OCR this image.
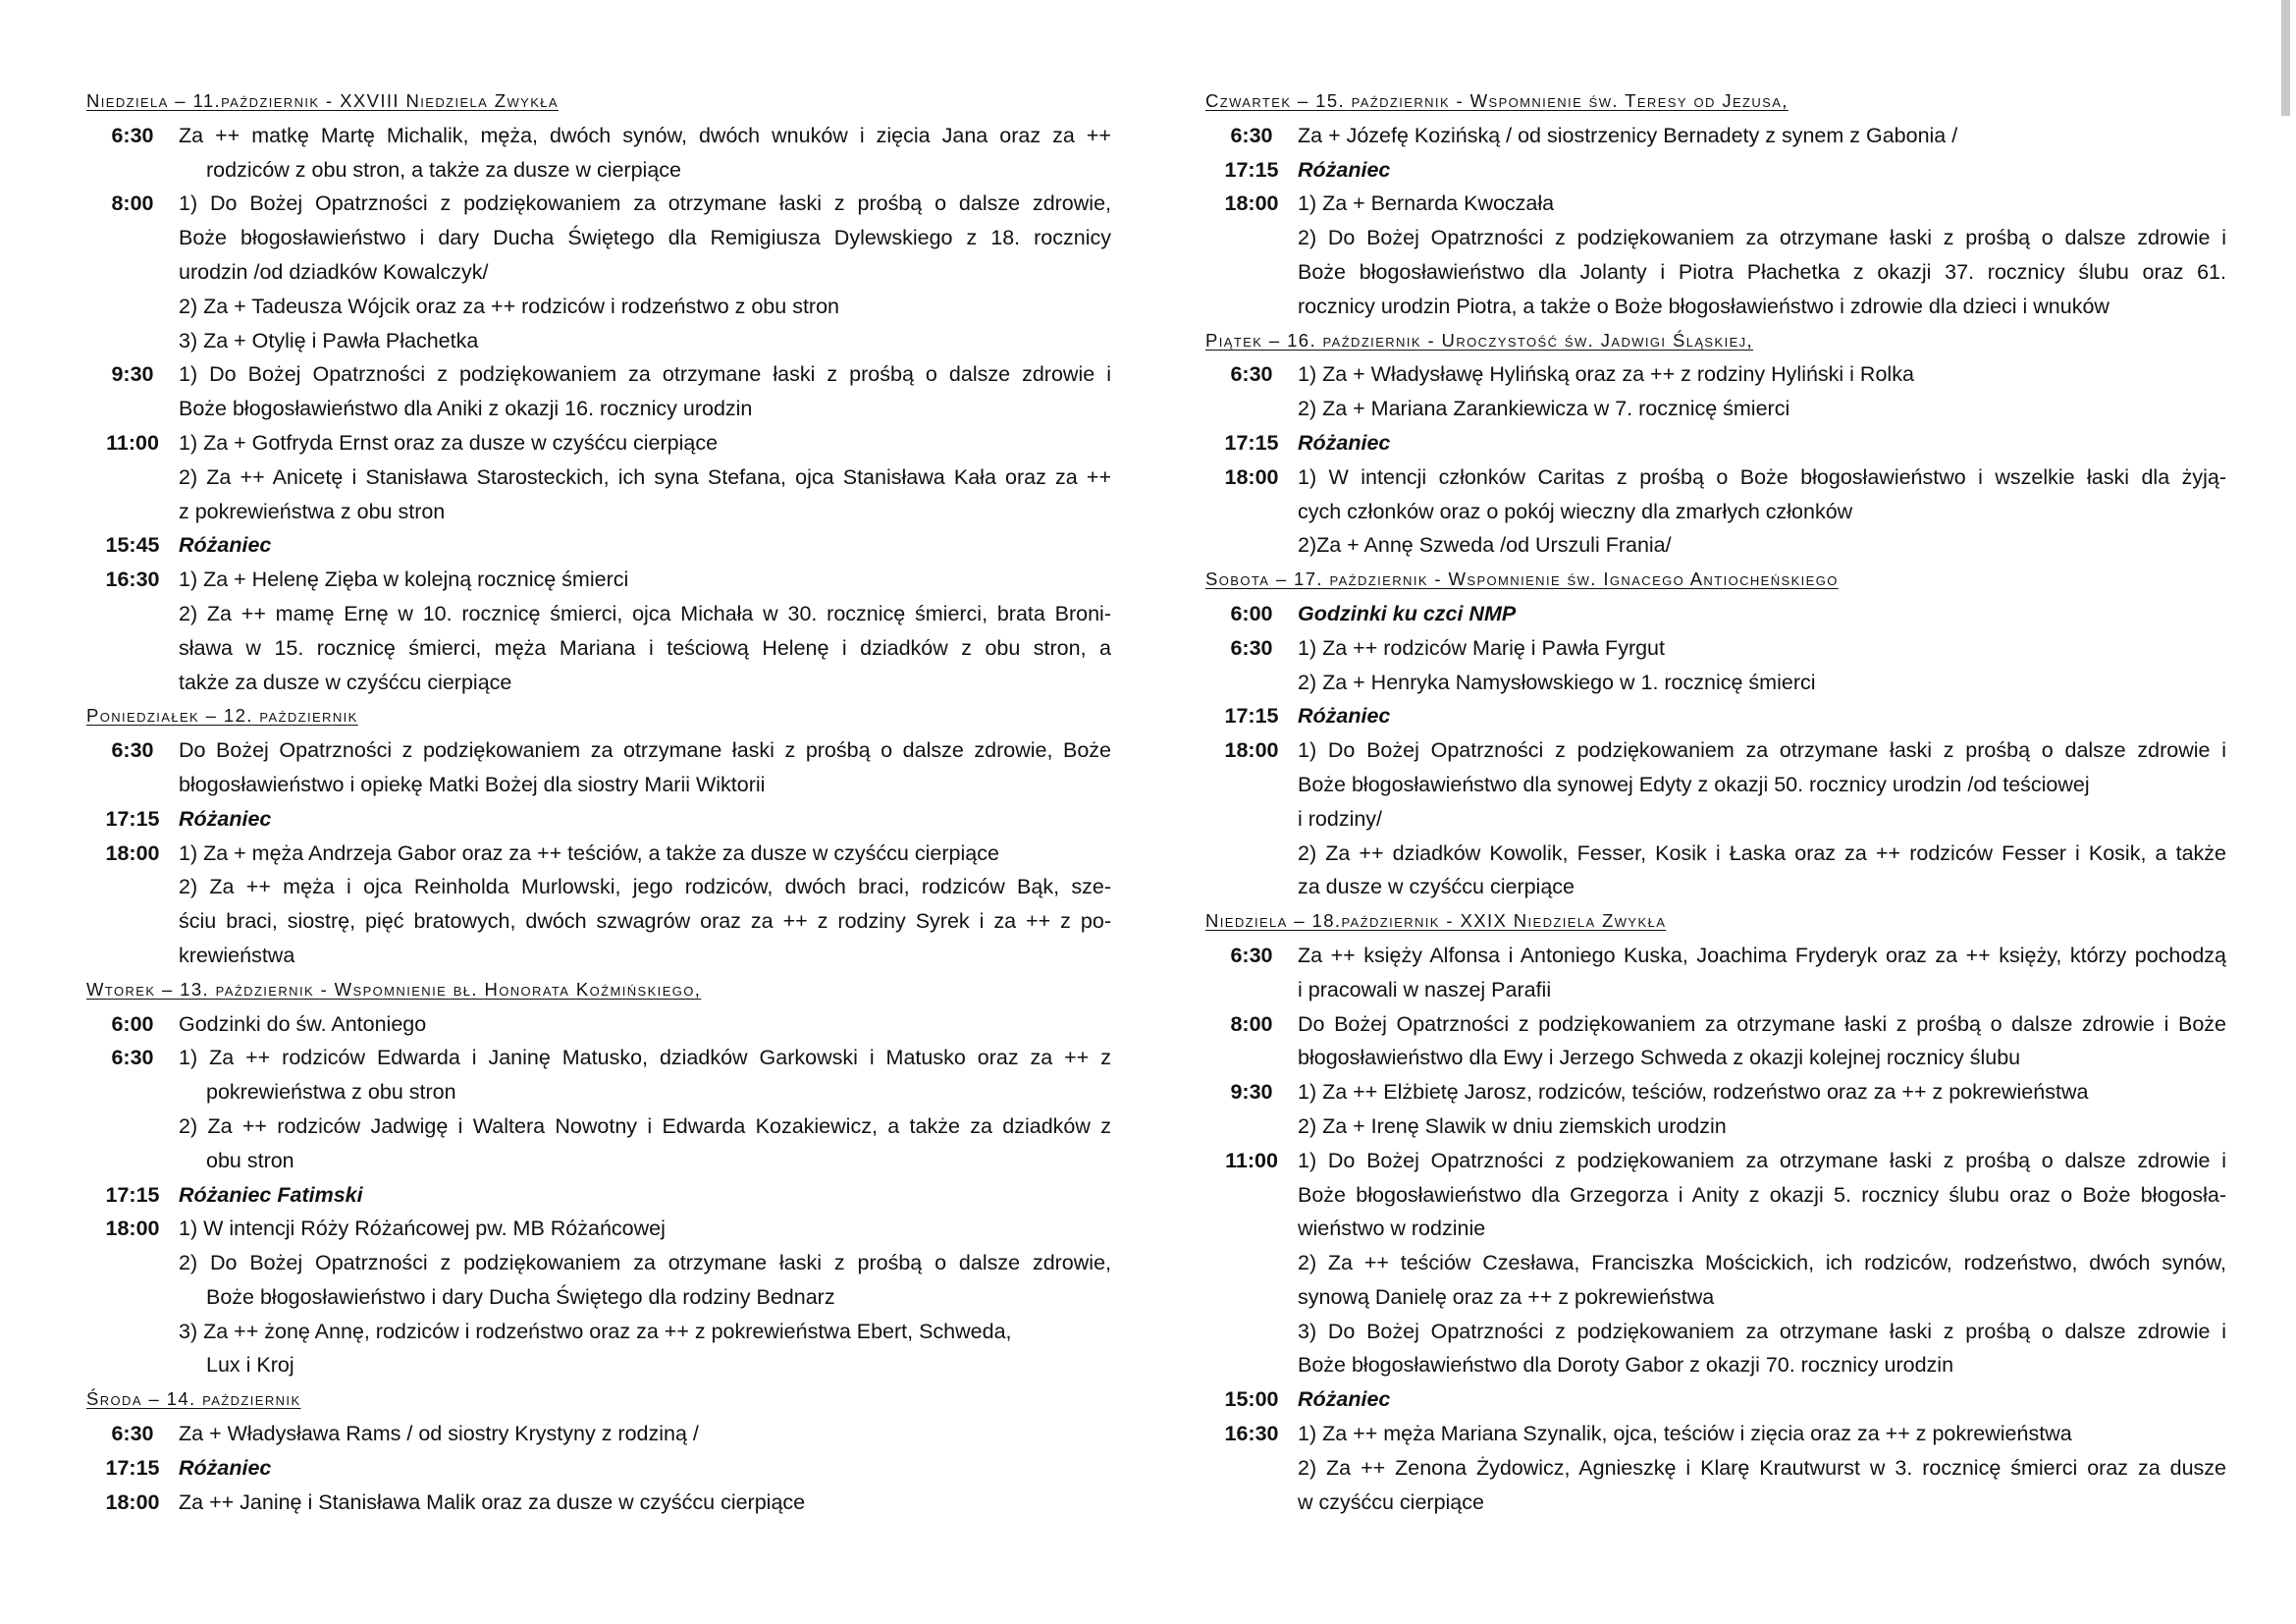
Niedziela – 11.październik - XXVIII Niedziela Zwykła
6:30	Za ++ matkę Martę Michalik, męża, dwóch synów, dwóch wnuków i zięcia Jana oraz za ++
rodziców z obu stron, a także za dusze w cierpiące
8:00	1) Do Bożej Opatrzności z podziękowaniem za otrzymane łaski z prośbą o dalsze zdrowie,
Boże błogosławieństwo i dary Ducha Świętego dla Remigiusza Dylewskiego z 18. rocznicy
urodzin /od dziadków Kowalczyk/
2) Za + Tadeusza Wójcik oraz za ++ rodziców i rodzeństwo z obu stron
3) Za + Otylię i Pawła Płachetka
9:30	1) Do Bożej Opatrzności z podziękowaniem za otrzymane łaski z prośbą o dalsze zdrowie i
Boże błogosławieństwo dla Aniki z okazji 16. rocznicy urodzin
11:00 1) Za + Gotfryda Ernst oraz za dusze w czyśćcu cierpiące
2) Za ++ Anicetę i Stanisława Starosteckich, ich syna Stefana, ojca Stanisława Kała oraz za ++
z pokrewieństwa z obu stron
15:45 Różaniec
16:30 1) Za + Helenę Zięba w kolejną rocznicę śmierci
2) Za ++ mamę Ernę w 10. rocznicę śmierci, ojca Michała w 30. rocznicę śmierci, brata Broni-
sława w 15. rocznicę śmierci, męża Mariana i teściową Helenę i dziadków z obu stron, a
także za dusze w czyśćcu cierpiące
Poniedziałek – 12. październik
6:30	Do Bożej Opatrzności z podziękowaniem za otrzymane łaski z prośbą o dalsze zdrowie, Boże
błogosławieństwo i opiekę Matki Bożej dla siostry Marii Wiktorii
17:15 Różaniec
18:00 1) Za + męża Andrzeja Gabor oraz za ++ teściów, a także za dusze w czyśćcu cierpiące
2) Za ++ męża i ojca Reinholda Murlowski, jego rodziców, dwóch braci, rodziców Bąk, sze-
ściu braci, siostrę, pięć bratowych, dwóch szwagrów oraz za ++ z rodziny Syrek i za ++ z po-
krewieństwa
Wtorek – 13. październik - Wspomnienie bł. Honorata Koźmińskiego,
6:00	Godzinki do św. Antoniego
6:30	1) Za ++ rodziców Edwarda i Janinę Matusko, dziadków Garkowski i Matusko oraz za ++ z
pokrewieństwa z obu stron
2) Za ++ rodziców Jadwigę i Waltera Nowotny i Edwarda Kozakiewicz, a także za dziadków z
obu stron
17:15 Różaniec Fatimski
18:00 1) W intencji Róży Różańcowej pw. MB Różańcowej
2) Do Bożej Opatrzności z podziękowaniem za otrzymane łaski z prośbą o dalsze zdrowie,
Boże błogosławieństwo i dary Ducha Świętego dla rodziny Bednarz
3) Za ++ żonę Annę, rodziców i rodzeństwo oraz za ++ z pokrewieństwa Ebert, Schweda,
Lux i Kroj
Środa – 14. październik
6:30	Za + Władysława Rams / od siostry Krystyny z rodziną /
17:15 Różaniec
18:00 Za ++ Janinę i Stanisława Malik oraz za dusze w czyśćcu cierpiące
Czwartek – 15. październik - Wspomnienie św. Teresy od Jezusa,
6:30	Za + Józefę Kozińską / od siostrzenicy Bernadety z synem z Gabonia /
17:15 Różaniec
18:00 1) Za + Bernarda Kwoczała
2) Do Bożej Opatrzności z podziękowaniem za otrzymane łaski z prośbą o dalsze zdrowie i
Boże błogosławieństwo dla Jolanty i Piotra Płachetka z okazji 37. rocznicy ślubu oraz 61.
rocznicy urodzin Piotra, a także o Boże błogosławieństwo i zdrowie dla dzieci i wnuków
Piątek – 16. październik - Uroczystość św. Jadwigi Śląskiej,
6:30	1) Za + Władysławę Hylińską oraz za ++ z rodziny Hyliński i Rolka
2) Za + Mariana Zarankiewicza w 7. rocznicę śmierci
17:15 Różaniec
18:00 1) W intencji członków Caritas z prośbą o Boże błogosławieństwo i wszelkie łaski dla żyją-
cych członków oraz o pokój wieczny dla zmarłych członków
2)Za + Annę Szweda /od Urszuli Frania/
Sobota – 17. październik - Wspomnienie św. Ignacego Antiocheńskiego
6:00	Godzinki ku czci NMP
6:30	1) Za ++ rodziców Marię i Pawła Fyrgut
2) Za + Henryka Namysłowskiego w 1. rocznicę śmierci
17:15 Różaniec
18:00 1) Do Bożej Opatrzności z podziękowaniem za otrzymane łaski z prośbą o dalsze zdrowie i
Boże błogosławieństwo dla synowej Edyty z okazji 50. rocznicy urodzin /od teściowej
i rodziny/
2) Za ++ dziadków Kowolik, Fesser, Kosik i Łaska oraz za ++ rodziców Fesser i Kosik, a także
za dusze w czyśćcu cierpiące
Niedziela – 18.październik - XXIX Niedziela Zwykła
6:30	Za ++ księży Alfonsa i Antoniego Kuska, Joachima Fryderyk oraz za ++ księży, którzy pochodzą
i pracowali w naszej Parafii
8:00	Do Bożej Opatrzności z podziękowaniem za otrzymane łaski z prośbą o dalsze zdrowie i Boże
błogosławieństwo dla Ewy i Jerzego Schweda z okazji kolejnej rocznicy ślubu
9:30	1) Za ++ Elżbietę Jarosz, rodziców, teściów, rodzeństwo oraz za ++ z pokrewieństwa
2) Za + Irenę Slawik w dniu ziemskich urodzin
11:00 1) Do Bożej Opatrzności z podziękowaniem za otrzymane łaski z prośbą o dalsze zdrowie i
Boże błogosławieństwo dla Grzegorza i Anity z okazji 5. rocznicy ślubu oraz o Boże błogosła-
wieństwo w rodzinie
2) Za ++ teściów Czesława, Franciszka Mościckich, ich rodziców, rodzeństwo, dwóch synów,
synową Danielę oraz za ++ z pokrewieństwa
3) Do Bożej Opatrzności z podziękowaniem za otrzymane łaski z prośbą o dalsze zdrowie i
Boże błogosławieństwo dla Doroty Gabor z okazji 70. rocznicy urodzin
15:00 Różaniec
16:30 1) Za ++ męża Mariana Szynalik, ojca, teściów i zięcia oraz za ++ z pokrewieństwa
2) Za ++ Zenona Żydowicz, Agnieszkę i Klarę Krautwurst w 3. rocznicę śmierci oraz za dusze
w czyśćcu cierpiące
